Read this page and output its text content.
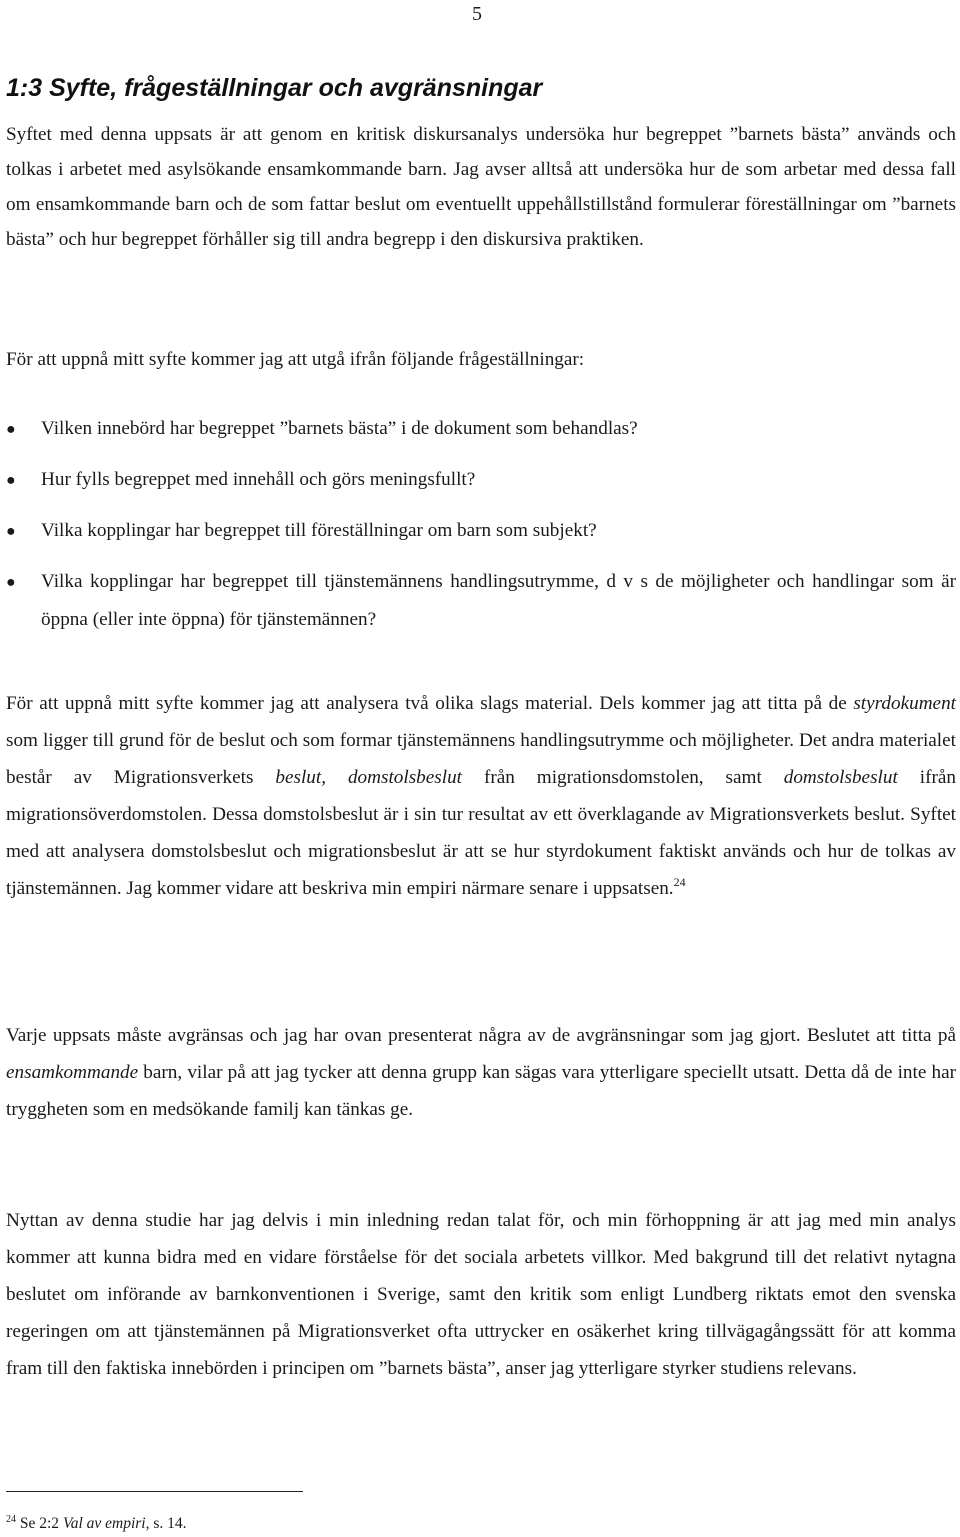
5
1:3 Syfte, frågeställningar och avgränsningar

Syftet med denna uppsats är att genom en kritisk diskursanalys undersöka hur begreppet ”barnets bästa” används och tolkas i arbetet med asylsökande ensamkommande barn. Jag avser alltså att undersöka hur de som arbetar med dessa fall om ensamkommande barn och de som fattar beslut om eventuellt uppehållstillstånd formulerar föreställningar om ”barnets bästa” och hur begreppet förhåller sig till andra begrepp i den diskursiva praktiken.

För att uppnå mitt syfte kommer jag att utgå ifrån följande frågeställningar:

● Vilken innebörd har begreppet ”barnets bästa” i de dokument som behandlas?
● Hur fylls begreppet med innehåll och görs meningsfullt?
● Vilka kopplingar har begreppet till föreställningar om barn som subjekt?
● Vilka kopplingar har begreppet till tjänstemännens handlingsutrymme, d v s de möjligheter och handlingar som är öppna (eller inte öppna) för tjänstemännen?

För att uppnå mitt syfte kommer jag att analysera två olika slags material. Dels kommer jag att titta på de styrdokument som ligger till grund för de beslut och som formar tjänstemännens handlingsutrymme och möjligheter. Det andra materialet består av Migrationsverkets beslut, domstolsbeslut från migrationsdomstolen, samt domstolsbeslut ifrån migrationsöverdomstolen. Dessa domstolsbeslut är i sin tur resultat av ett överklagande av Migrationsverkets beslut. Syftet med att analysera domstolsbeslut och migrationsbeslut är att se hur styrdokument faktiskt används och hur de tolkas av tjänstemännen. Jag kommer vidare att beskriva min empiri närmare senare i uppsatsen.$^{24}$

Varje uppsats måste avgränsas och jag har ovan presenterat några av de avgränsningar som jag gjort. Beslutet att titta på ensamkommande barn, vilar på att jag tycker att denna grupp kan sägas vara ytterligare speciellt utsatt. Detta då de inte har tryggheten som en medsökande familj kan tänkas ge.

Nyttan av denna studie har jag delvis i min inledning redan talat för, och min förhoppning är att jag med min analys kommer att kunna bidra med en vidare förståelse för det sociala arbetets villkor. Med bakgrund till det relativt nytagna beslutet om införande av barnkonventionen i Sverige, samt den kritik som enligt Lundberg riktats emot den svenska regeringen om att tjänstemännen på Migrationsverket ofta uttrycker en osäkerhet kring tillvägagångssätt för att komma fram till den faktiska innebörden i principen om ”barnets bästa”, anser jag ytterligare styrker studiens relevans.

$^{24}$ Se 2:2 Val av empiri, s. 14.
